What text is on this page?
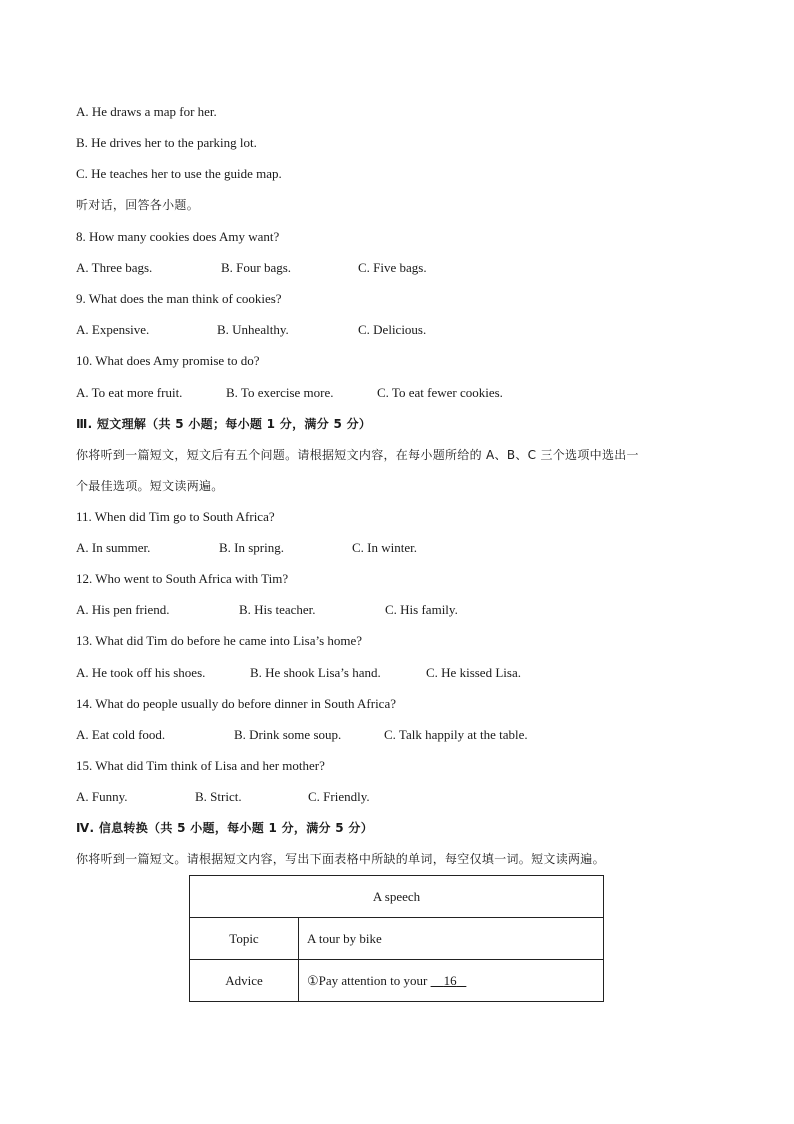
A. He draws a map for her.
B. He drives her to the parking lot.
C. He teaches her to use the guide map.
听对话，回答各小题。
8. How many cookies does Amy want?
A. Three bags.	B. Four bags.	C. Five bags.
9. What does the man think of cookies?
A. Expensive.	B. Unhealthy.	C. Delicious.
10. What does Amy promise to do?
A. To eat more fruit.	B. To exercise more.	C. To eat fewer cookies.
Ⅲ. 短文理解（共 5 小题；每小题 1 分，满分 5 分）
你将听到一篇短文，短文后有五个问题。请根据短文内容，在每小题所给的 A、B、C 三个选项中选出一
个最佳选项。短文读两遍。
11. When did Tim go to South Africa?
A. In summer.	B. In spring.	C. In winter.
12. Who went to South Africa with Tim?
A. His pen friend.	B. His teacher.	C. His family.
13. What did Tim do before he came into Lisa’s home?
A. He took off his shoes.	B. He shook Lisa’s hand.	C. He kissed Lisa.
14. What do people usually do before dinner in South Africa?
A. Eat cold food.	B. Drink some soup.	C. Talk happily at the table.
15. What did Tim think of Lisa and her mother?
A. Funny.	B. Strict.	C. Friendly.
Ⅳ. 信息转换（共 5 小题，每小题 1 分，满分 5 分）
你将听到一篇短文。请根据短文内容，写出下面表格中所缺的单词，每空仅填一词。短文读两遍。
A speech	
Topic	A tour by bike
Advice	①Pay attention to your     16
